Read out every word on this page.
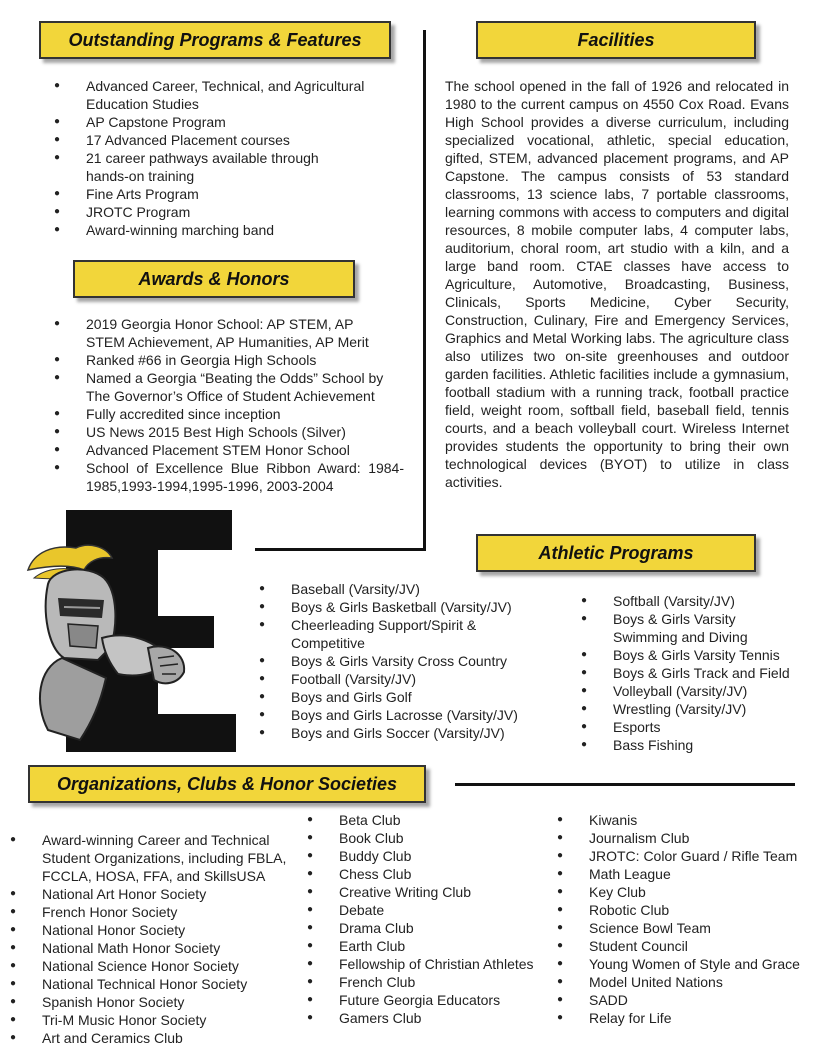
Outstanding Programs & Features
Awards & Honors
Facilities
Athletic Programs
Organizations, Clubs & Honor Societies
● Advanced Career, Technical, and Agricultural Education Studies
● AP Capstone Program
● 17 Advanced Placement courses
● 21 career pathways available through hands-on training
● Fine Arts Program
● JROTC Program
● Award-winning marching band
● 2019 Georgia Honor School: AP STEM, AP STEM Achievement, AP Humanities, AP Merit
● Ranked #66 in Georgia High Schools
● Named a Georgia “Beating the Odds” School by The Governor’s Office of Student Achievement
● Fully accredited since inception
● US News 2015 Best High Schools (Silver)
● Advanced Placement STEM Honor School
● School of Excellence Blue Ribbon Award: 1984-1985,1993-1994,1995-1996, 2003-2004

The school opened in the fall of 1926 and relocated in 1980 to the current campus on 4550 Cox Road. Evans High School provides a diverse curriculum, including specialized vocational, athletic, special education, gifted, STEM, advanced placement programs, and AP Capstone. The campus consists of 53 standard classrooms, 13 science labs, 7 portable classrooms, learning commons with access to computers and digital resources, 8 mobile computer labs, 4 computer labs, auditorium, choral room, art studio with a kiln, and a large band room. CTAE classes have access to Agriculture, Automotive, Broadcasting, Business, Clinicals, Sports Medicine, Cyber Security, Construction, Culinary, Fire and Emergency Services, Graphics and Metal Working labs. The agriculture class also utilizes two on-site greenhouses and outdoor garden facilities. Athletic facilities include a gymnasium, football stadium with a running track, football practice field, weight room, softball field, baseball field, tennis courts, and a beach volleyball court. Wireless Internet provides students the opportunity to bring their own technological devices (BYOT) to utilize in class activities.

● Baseball (Varsity/JV)
● Boys & Girls Basketball (Varsity/JV)
● Cheerleading Support/Spirit & Competitive
● Boys & Girls Varsity Cross Country
● Football (Varsity/JV)
● Boys and Girls Golf
● Boys and Girls Lacrosse (Varsity/JV)
● Boys and Girls Soccer (Varsity/JV)
● Softball (Varsity/JV)
● Boys & Girls Varsity Swimming and Diving
● Boys & Girls Varsity Tennis
● Boys & Girls Track and Field
● Volleyball (Varsity/JV)
● Wrestling (Varsity/JV)
● Esports
● Bass Fishing
● Award-winning Career and Technical Student Organizations, including FBLA, FCCLA, HOSA, FFA, and SkillsUSA
● National Art Honor Society
● French Honor Society
● National Honor Society
● National Math Honor Society
● National Science Honor Society
● National Technical Honor Society
● Spanish Honor Society
● Tri-M Music Honor Society
● Art and Ceramics Club
● Beta Club
● Book Club
● Buddy Club
● Chess Club
● Creative Writing Club
● Debate
● Drama Club
● Earth Club
● Fellowship of Christian Athletes
● French Club
● Future Georgia Educators
● Gamers Club
● Kiwanis
● Journalism Club
● JROTC: Color Guard / Rifle Team
● Math League
● Key Club
● Robotic Club
● Science Bowl Team
● Student Council
● Young Women of Style and Grace
● Model United Nations
● SADD
● Relay for Life
